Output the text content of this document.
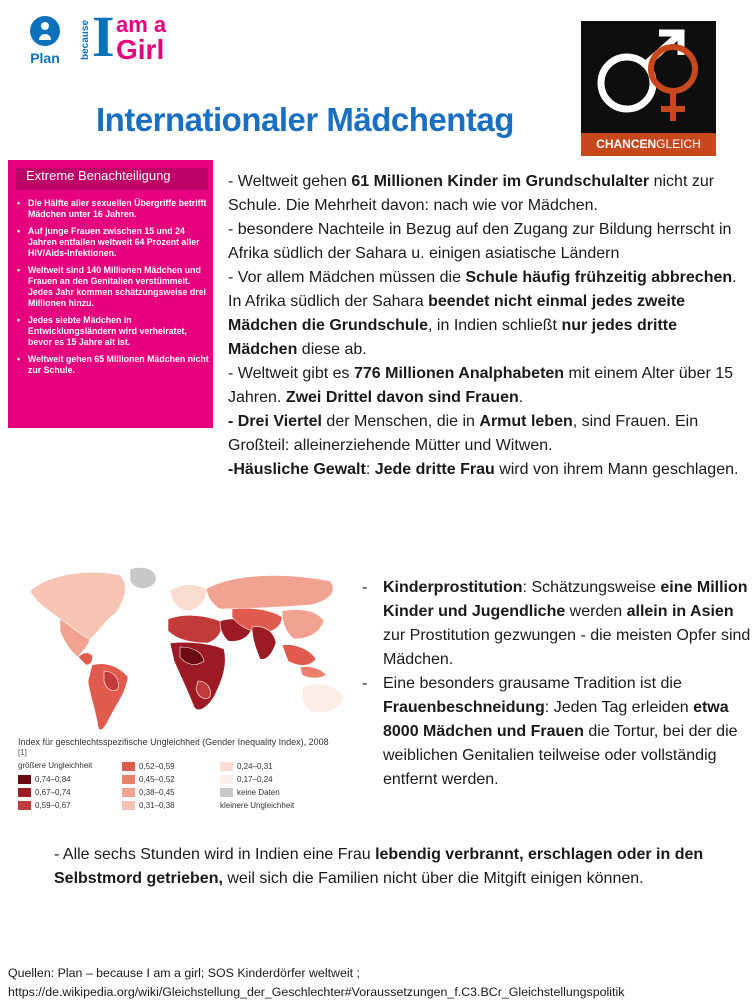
Plan	because I am a
Girl
Internationaler Mädchentag
CHANCENGLEICH
Extreme Benachteiligung
• Die Hälfte aller sexuellen Übergriffe betrifft Mädchen unter 16 Jahren.
• Auf junge Frauen zwischen 15 und 24 Jahren entfallen weltweit 64 Prozent aller HIV/Aids-Infektionen.
• Weltweit sind 140 Millionen Mädchen und Frauen an den Genitalien verstümmelt. Jedes Jahr kommen schätzungsweise drei Millionen hinzu.
• Jedes siebte Mädchen in Entwicklungsländern wird verheiratet, bevor es 15 Jahre alt ist.
• Weltweit gehen 65 Millionen Mädchen nicht zur Schule.

- Weltweit gehen 61 Millionen Kinder im Grundschulalter nicht zur Schule. Die Mehrheit davon: nach wie vor Mädchen.

- besondere Nachteile in Bezug auf den Zugang zur Bildung herrscht in Afrika südlich der Sahara u. einigen asiatische Ländern

- Vor allem Mädchen müssen die Schule häufig frühzeitig abbrechen. In Afrika südlich der Sahara beendet nicht einmal jedes zweite Mädchen die Grundschule, in Indien schließt nur jedes dritte Mädchen diese ab.

- Weltweit gibt es 776 Millionen Analphabeten mit einem Alter über 15 Jahren. Zwei Drittel davon sind Frauen.

- Drei Viertel der Menschen, die in Armut leben, sind Frauen. Ein Großteil: alleinerziehende Mütter und Witwen.

-Häusliche Gewalt: Jede dritte Frau wird von ihrem Mann geschlagen.

Index für geschlechtsspezifische Ungleichheit (Gender Inequality Index), 2008
[1]
größere Ungleichheit
0,74–0,84
0,67–0,74
0,59–0,67
0,52–0,59
0,45–0,52
0,38–0,45
0,31–0,38
0,24–0,31
0,17–0,24
keine Daten
kleinere Ungleichheit
- Kinderprostitution: Schätzungsweise eine Million Kinder und Jugendliche werden allein in Asien zur Prostitution gezwungen - die meisten Opfer sind Mädchen.
- Eine besonders grausame Tradition ist die Frauenbeschneidung: Jeden Tag erleiden etwa 8000 Mädchen und Frauen die Tortur, bei der die weiblichen Genitalien teilweise oder vollständig entfernt werden.
- Alle sechs Stunden wird in Indien eine Frau lebendig verbrannt, erschlagen oder in den Selbstmord getrieben, weil sich die Familien nicht über die Mitgift einigen können.
Quellen: Plan – because I am a girl; SOS Kinderdörfer weltweit ;
https://de.wikipedia.org/wiki/Gleichstellung_der_Geschlechter#Voraussetzungen_f.C3.BCr_Gleichstellungspolitik
